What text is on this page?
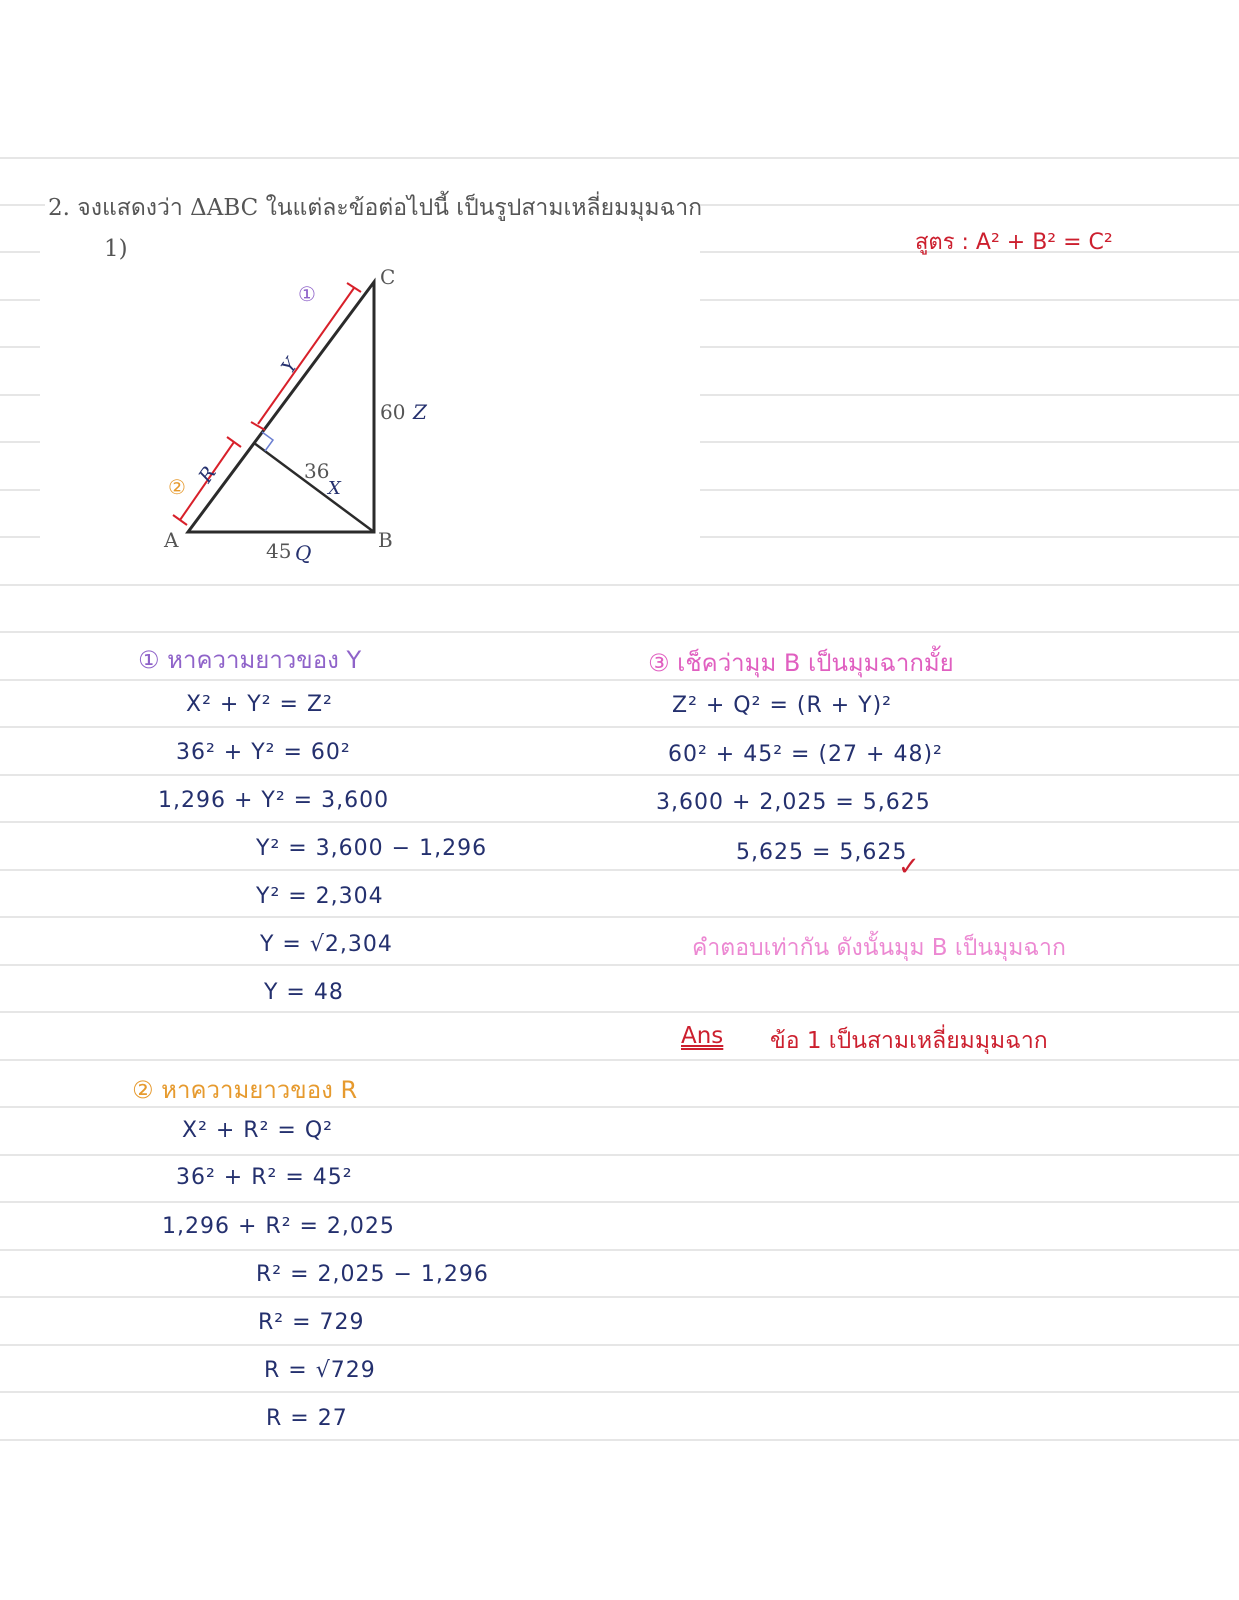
2. จงแสดงว่า ΔABC ในแต่ละข้อต่อไปนี้ เป็นรูปสามเหลี่ยมมุมฉาก
1)	สูตร : A² + B² = C²
C
A	B
60 Z
45 Q
36
X
Y
R
①
②
① หาความยาวของ Y
X² + Y² = Z²
36² + Y² = 60²
1,296 + Y² = 3,600
Y² = 3,600 − 1,296
Y² = 2,304
Y = √2,304
Y = 48
② หาความยาวของ R
X² + R² = Q²
36² + R² = 45²
1,296 + R² = 2,025
R² = 2,025 − 1,296
R² = 729
R = √729
R = 27
③ เช็คว่ามุม B เป็นมุมฉากมั้ย
Z² + Q² = (R + Y)²
60² + 45² = (27 + 48)²
3,600 + 2,025 = 5,625
5,625 = 5,625
✓
คำตอบเท่ากัน ดังนั้นมุม B เป็นมุมฉาก
Ans ข้อ 1 เป็นสามเหลี่ยมมุมฉาก
